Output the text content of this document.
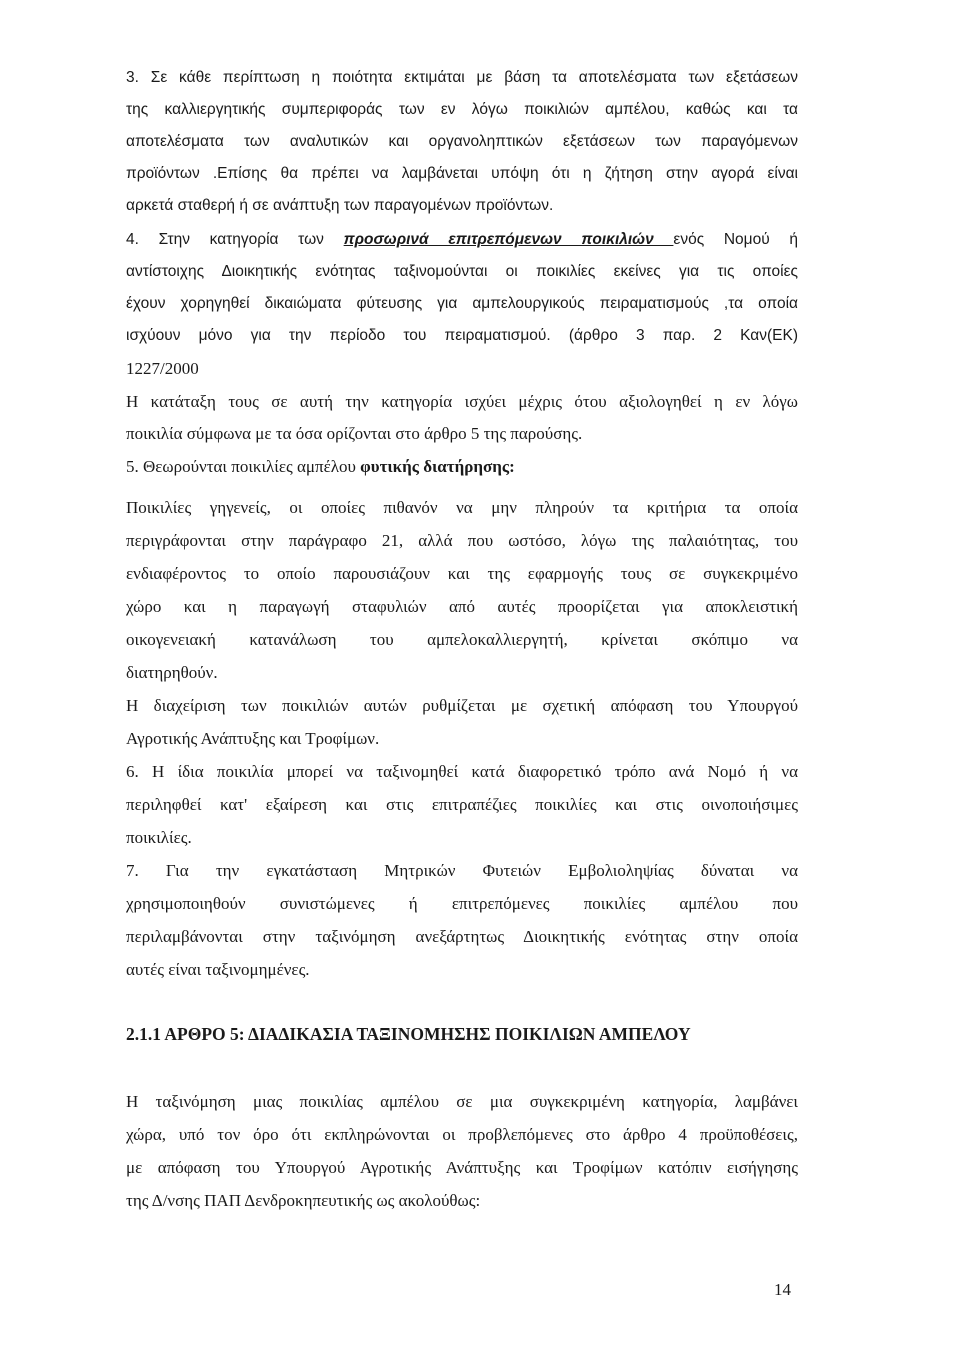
3. Σε κάθε περίπτωση η ποιότητα εκτιμάται με βάση τα αποτελέσματα των εξετάσεων
της καλλιεργητικής συμπεριφοράς των εν λόγω ποικιλιών αμπέλου, καθώς και τα
αποτελέσματα των αναλυτικών και οργανοληπτικών εξετάσεων των παραγόμενων
προϊόντων .Επίσης θα πρέπει να λαμβάνεται υπόψη ότι η ζήτηση στην αγορά είναι
αρκετά σταθερή ή σε ανάπτυξη των παραγομένων προϊόντων.
4. Στην κατηγορία των προσωρινά επιτρεπόμενων ποικιλιών ενός Νομού ή
αντίστοιχης Διοικητικής ενότητας ταξινομούνται οι ποικιλίες εκείνες για τις οποίες
έχουν χορηγηθεί δικαιώματα φύτευσης για αμπελουργικούς πειραματισμούς ,τα οποία
ισχύουν μόνο για την περίοδο του πειραματισμού. (άρθρο 3 παρ. 2 Καν(ΕΚ)
1227/2000
Η κατάταξη τους σε αυτή την κατηγορία ισχύει μέχρις ότου αξιολογηθεί η εν λόγω
ποικιλία σύμφωνα με τα όσα ορίζονται στο άρθρο 5 της παρούσης.
5. Θεωρούνται ποικιλίες αμπέλου φυτικής διατήρησης:
Ποικιλίες γηγενείς, οι οποίες πιθανόν να μην πληρούν τα κριτήρια τα οποία
περιγράφονται στην παράγραφο 21, αλλά που ωστόσο, λόγω της παλαιότητας, του
ενδιαφέροντος το οποίο παρουσιάζουν και της εφαρμογής τους σε συγκεκριμένο
χώρο και η παραγωγή σταφυλιών από αυτές προορίζεται για αποκλειστική
οικογενειακή κατανάλωση του αμπελοκαλλιεργητή, κρίνεται σκόπιμο να
διατηρηθούν.
Η διαχείριση των ποικιλιών αυτών ρυθμίζεται με σχετική απόφαση του Υπουργού
Αγροτικής Ανάπτυξης και Τροφίμων.
6. Η ίδια ποικιλία μπορεί να ταξινομηθεί κατά διαφορετικό τρόπο ανά Νομό ή να
περιληφθεί κατ' εξαίρεση και στις επιτραπέζιες ποικιλίες και στις οινοποιήσιμες
ποικιλίες.
7. Για την εγκατάσταση Μητρικών Φυτειών Εμβολιοληψίας δύναται να
χρησιμοποιηθούν συνιστώμενες ή επιτρεπόμενες ποικιλίες αμπέλου που
περιλαμβάνονται στην ταξινόμηση ανεξάρτητως Διοικητικής ενότητας στην οποία
αυτές είναι ταξινομημένες.
2.1.1 ΑΡΘΡΟ 5: ΔΙΑΔΙΚΑΣΙΑ ΤΑΞΙΝΟΜΗΣΗΣ ΠΟΙΚΙΛΙΩΝ ΑΜΠΕΛΟΥ
Η ταξινόμηση μιας ποικιλίας αμπέλου σε μια συγκεκριμένη κατηγορία, λαμβάνει
χώρα, υπό τον όρο ότι εκπληρώνονται οι προβλεπόμενες στο άρθρο 4 προϋποθέσεις,
με απόφαση του Υπουργού Αγροτικής Ανάπτυξης και Τροφίμων κατόπιν εισήγησης
της Δ/νσης ΠΑΠ Δενδροκηπευτικής ως ακολούθως:
14
